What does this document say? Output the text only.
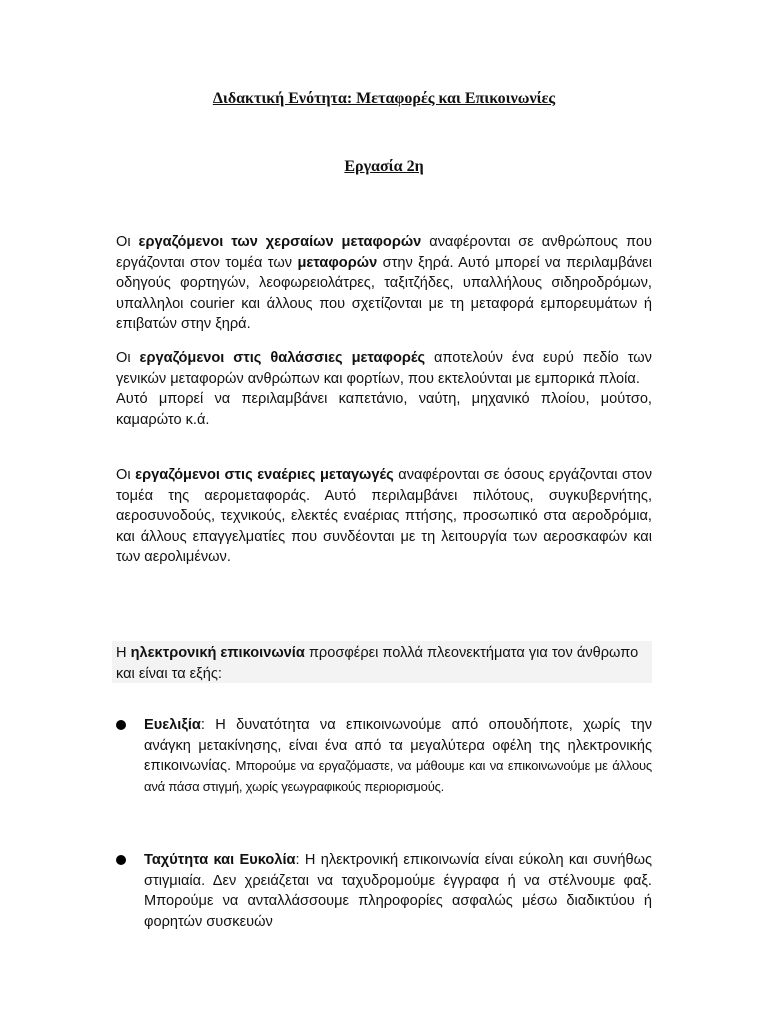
Διδακτική Ενότητα: Μεταφορές και Επικοινωνίες
Εργασία 2η

Οι εργαζόμενοι των χερσαίων μεταφορών αναφέρονται σε ανθρώπους που εργάζονται στον τομέα των μεταφορών στην ξηρά. Αυτό μπορεί να περιλαμβάνει οδηγούς φορτηγών, λεοφωρειολάτρες, ταξιτζήδες, υπαλλήλους σιδηροδρόμων, υπαλληλοι courier και άλλους που σχετίζονται με τη μεταφορά εμπορευμάτων ή επιβατών στην ξηρά.

Οι εργαζόμενοι στις θαλάσσιες μεταφορές αποτελούν ένα ευρύ πεδίο των γενικών μεταφορών ανθρώπων και φορτίων, που εκτελούνται με εμπορικά πλοία.
Αυτό μπορεί να περιλαμβάνει καπετάνιο, ναύτη, μηχανικό πλοίου, μούτσο, καμαρώτο κ.ά.

Οι εργαζόμενοι στις εναέριες μεταγωγές αναφέρονται σε όσους εργάζονται στον τομέα της αερομεταφοράς. Αυτό περιλαμβάνει πιλότους, συγκυβερνήτης, αεροσυνοδούς, τεχνικούς, ελεκτές εναέριας πτήσης, προσωπικό στα αεροδρόμια, και άλλους επαγγελματίες που συνδέονται με τη λειτουργία των αεροσκαφών και των αερολιμένων.

Η ηλεκτρονική επικοινωνία προσφέρει πολλά πλεονεκτήματα για τον άνθρωπο και είναι τα εξής:

Ευελιξία: Η δυνατότητα να επικοινωνούμε από οπουδήποτε, χωρίς την ανάγκη μετακίνησης, είναι ένα από τα μεγαλύτερα οφέλη της ηλεκτρονικής επικοινωνίας. Μπορούμε να εργαζόμαστε, να μάθουμε και να επικοινωνούμε με άλλους ανά πάσα στιγμή, χωρίς γεωγραφικούς περιορισμούς.

Ταχύτητα και Ευκολία: Η ηλεκτρονική επικοινωνία είναι εύκολη και συνήθως στιγμιαία. Δεν χρειάζεται να ταχυδρομούμε έγγραφα ή να στέλνουμε φαξ. Μπορούμε να ανταλλάσσουμε πληροφορίες ασφαλώς μέσω διαδικτύου ή φορητών συσκευών
